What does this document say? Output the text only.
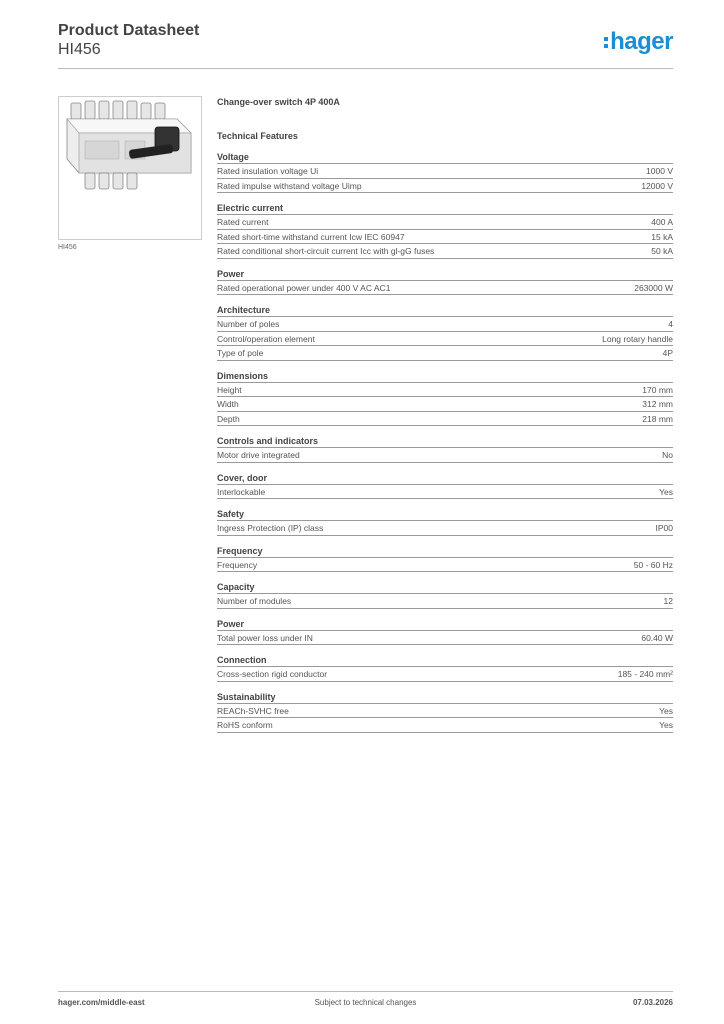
Product Datasheet
HI456	hager
HI456
Change-over switch 4P 400A
Technical Features
Voltage
Rated insulation voltage Ui	1000 V
Rated impulse withstand voltage Uimp	12000 V
Electric current
Rated current	400 A
Rated short-time withstand current Icw IEC 60947	15 kA
Rated conditional short-circuit current Icc with gl-gG fuses	50 kA
Power
Rated operational power under 400 V AC AC1	263000 W
Architecture
Number of poles	4
Control/operation element	Long rotary handle
Type of pole	4P
Dimensions
Height	170 mm
Width	312 mm
Depth	218 mm
Controls and indicators
Motor drive integrated	No
Cover, door
Interlockable	Yes
Safety
Ingress Protection (IP) class	IP00
Frequency
Frequency	50 - 60 Hz
Capacity
Number of modules	12
Power
Total power loss under IN	60.40 W
Connection
Cross-section rigid conductor	185 - 240 mm²
Sustainability
REACh-SVHC free	Yes
RoHS conform	Yes
hager.com/middle-east	Subject to technical changes	07.03.2026
